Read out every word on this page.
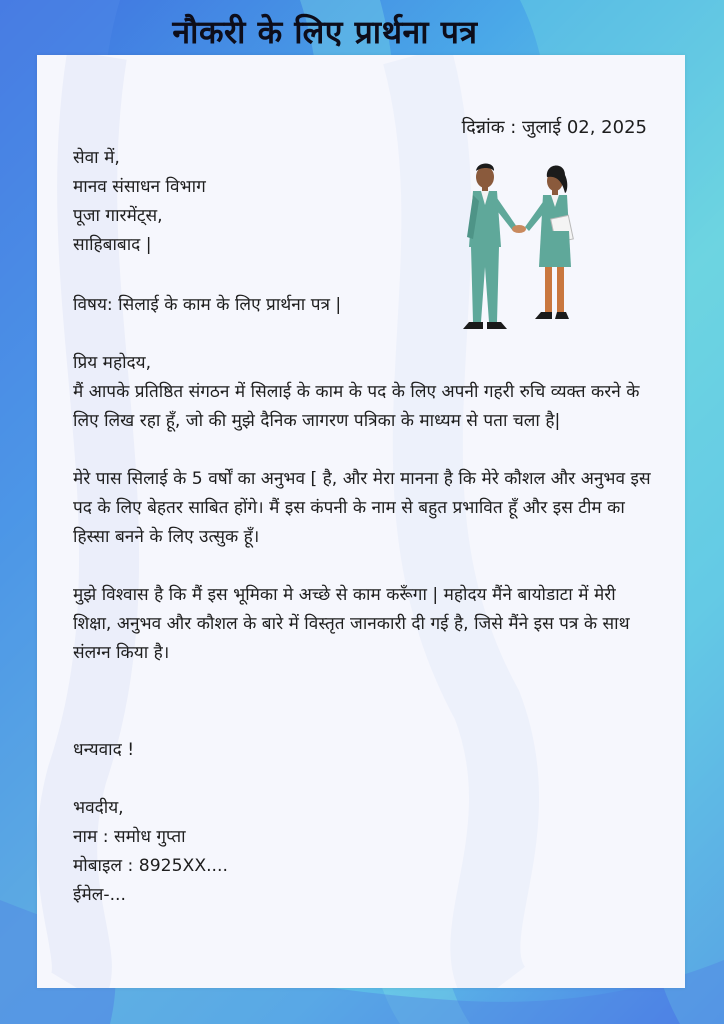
नौकरी के लिए प्रार्थना पत्र
दिन्नांक : जुलाई 02, 2025
सेवा में,
मानव संसाधन विभाग
पूजा गारमेंट्स,
साहिबाबाद |
विषय: सिलाई के काम के लिए प्रार्थना पत्र |
प्रिय महोदय,

मैं आपके प्रतिष्ठित संगठन में सिलाई के काम के पद के लिए अपनी गहरी रुचि व्यक्त करने के लिए लिख रहा हूँ, जो की मुझे दैनिक जागरण पत्रिका के माध्यम से पता चला है|

मेरे पास सिलाई के 5 वर्षों का अनुभव [ है, और मेरा मानना है कि मेरे कौशल और अनुभव इस पद के लिए बेहतर साबित होंगे। मैं इस कंपनी के नाम से बहुत प्रभावित हूँ और इस टीम का हिस्सा बनने के लिए उत्सुक हूँ।

मुझे विश्वास है कि मैं इस भूमिका मे अच्छे से काम करूँगा | महोदय मैंने बायोडाटा में मेरी शिक्षा, अनुभव और कौशल के बारे में विस्तृत जानकारी दी गई है, जिसे मैंने इस पत्र के साथ संलग्न किया है।

धन्यवाद !
भवदीय,
नाम : समोध गुप्ता
मोबाइल : 8925XX....
ईमेल-...
